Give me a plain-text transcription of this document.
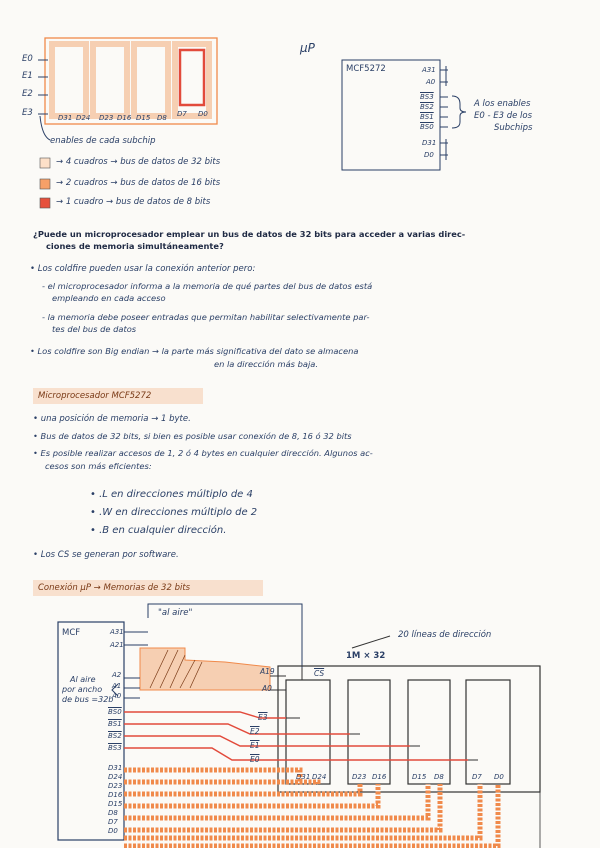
E0
E1
E2
E3	D31 D24 D23 D16 D15 D8 D7 D0
enables de cada subchip
→ 4 cuadros → bus de datos de 32 bits
→ 2 cuadros → bus de datos de 16 bits
→ 1 cuadro → bus de datos de 8 bits
μP
MCF5272	A31
A0
BS3
BS2
BS1
BS0
D31
D0
A los enables
E0 - E3 de los
Subchips
¿Puede un microprocesador emplear un bus de datos de 32 bits para acceder a varias direc-
ciones de memoria simultáneamente?
• Los coldfire pueden usar la conexión anterior pero:
- el microprocesador informa a la memoria de qué partes del bus de datos está
empleando en cada acceso
- la memoria debe poseer entradas que permitan habilitar selectivamente par-
tes del bus de datos
• Los coldfire son Big endian → la parte más significativa del dato se almacena
en la dirección más baja.
Microprocesador MCF5272
• una posición de memoria → 1 byte.
• Bus de datos de 32 bits, si bien es posible usar conexión de 8, 16 ó 32 bits
• Es posible realizar accesos de 1, 2 ó 4 bytes en cualquier dirección. Algunos ac-
cesos son más eficientes:
• .L en direcciones múltiplo de 4
• .W en direcciones múltiplo de 2
• .B en cualquier dirección.
• Los CS se generan por software.
Conexión μP → Memorias de 32 bits
"al aire"
MCF	A31
A21
A2
A1
A0
BS0
BS1
BS2
BS3
D31
D24
D23
D16
D15
D8
D7
D0
Al aire
por ancho
de bus =32b
20 líneas de dirección
1M × 32
A19
A0
$\overline{CS}$
E3
E2
E1
E0
D31 D24	D23 D16	D15 D8	D7 D0
